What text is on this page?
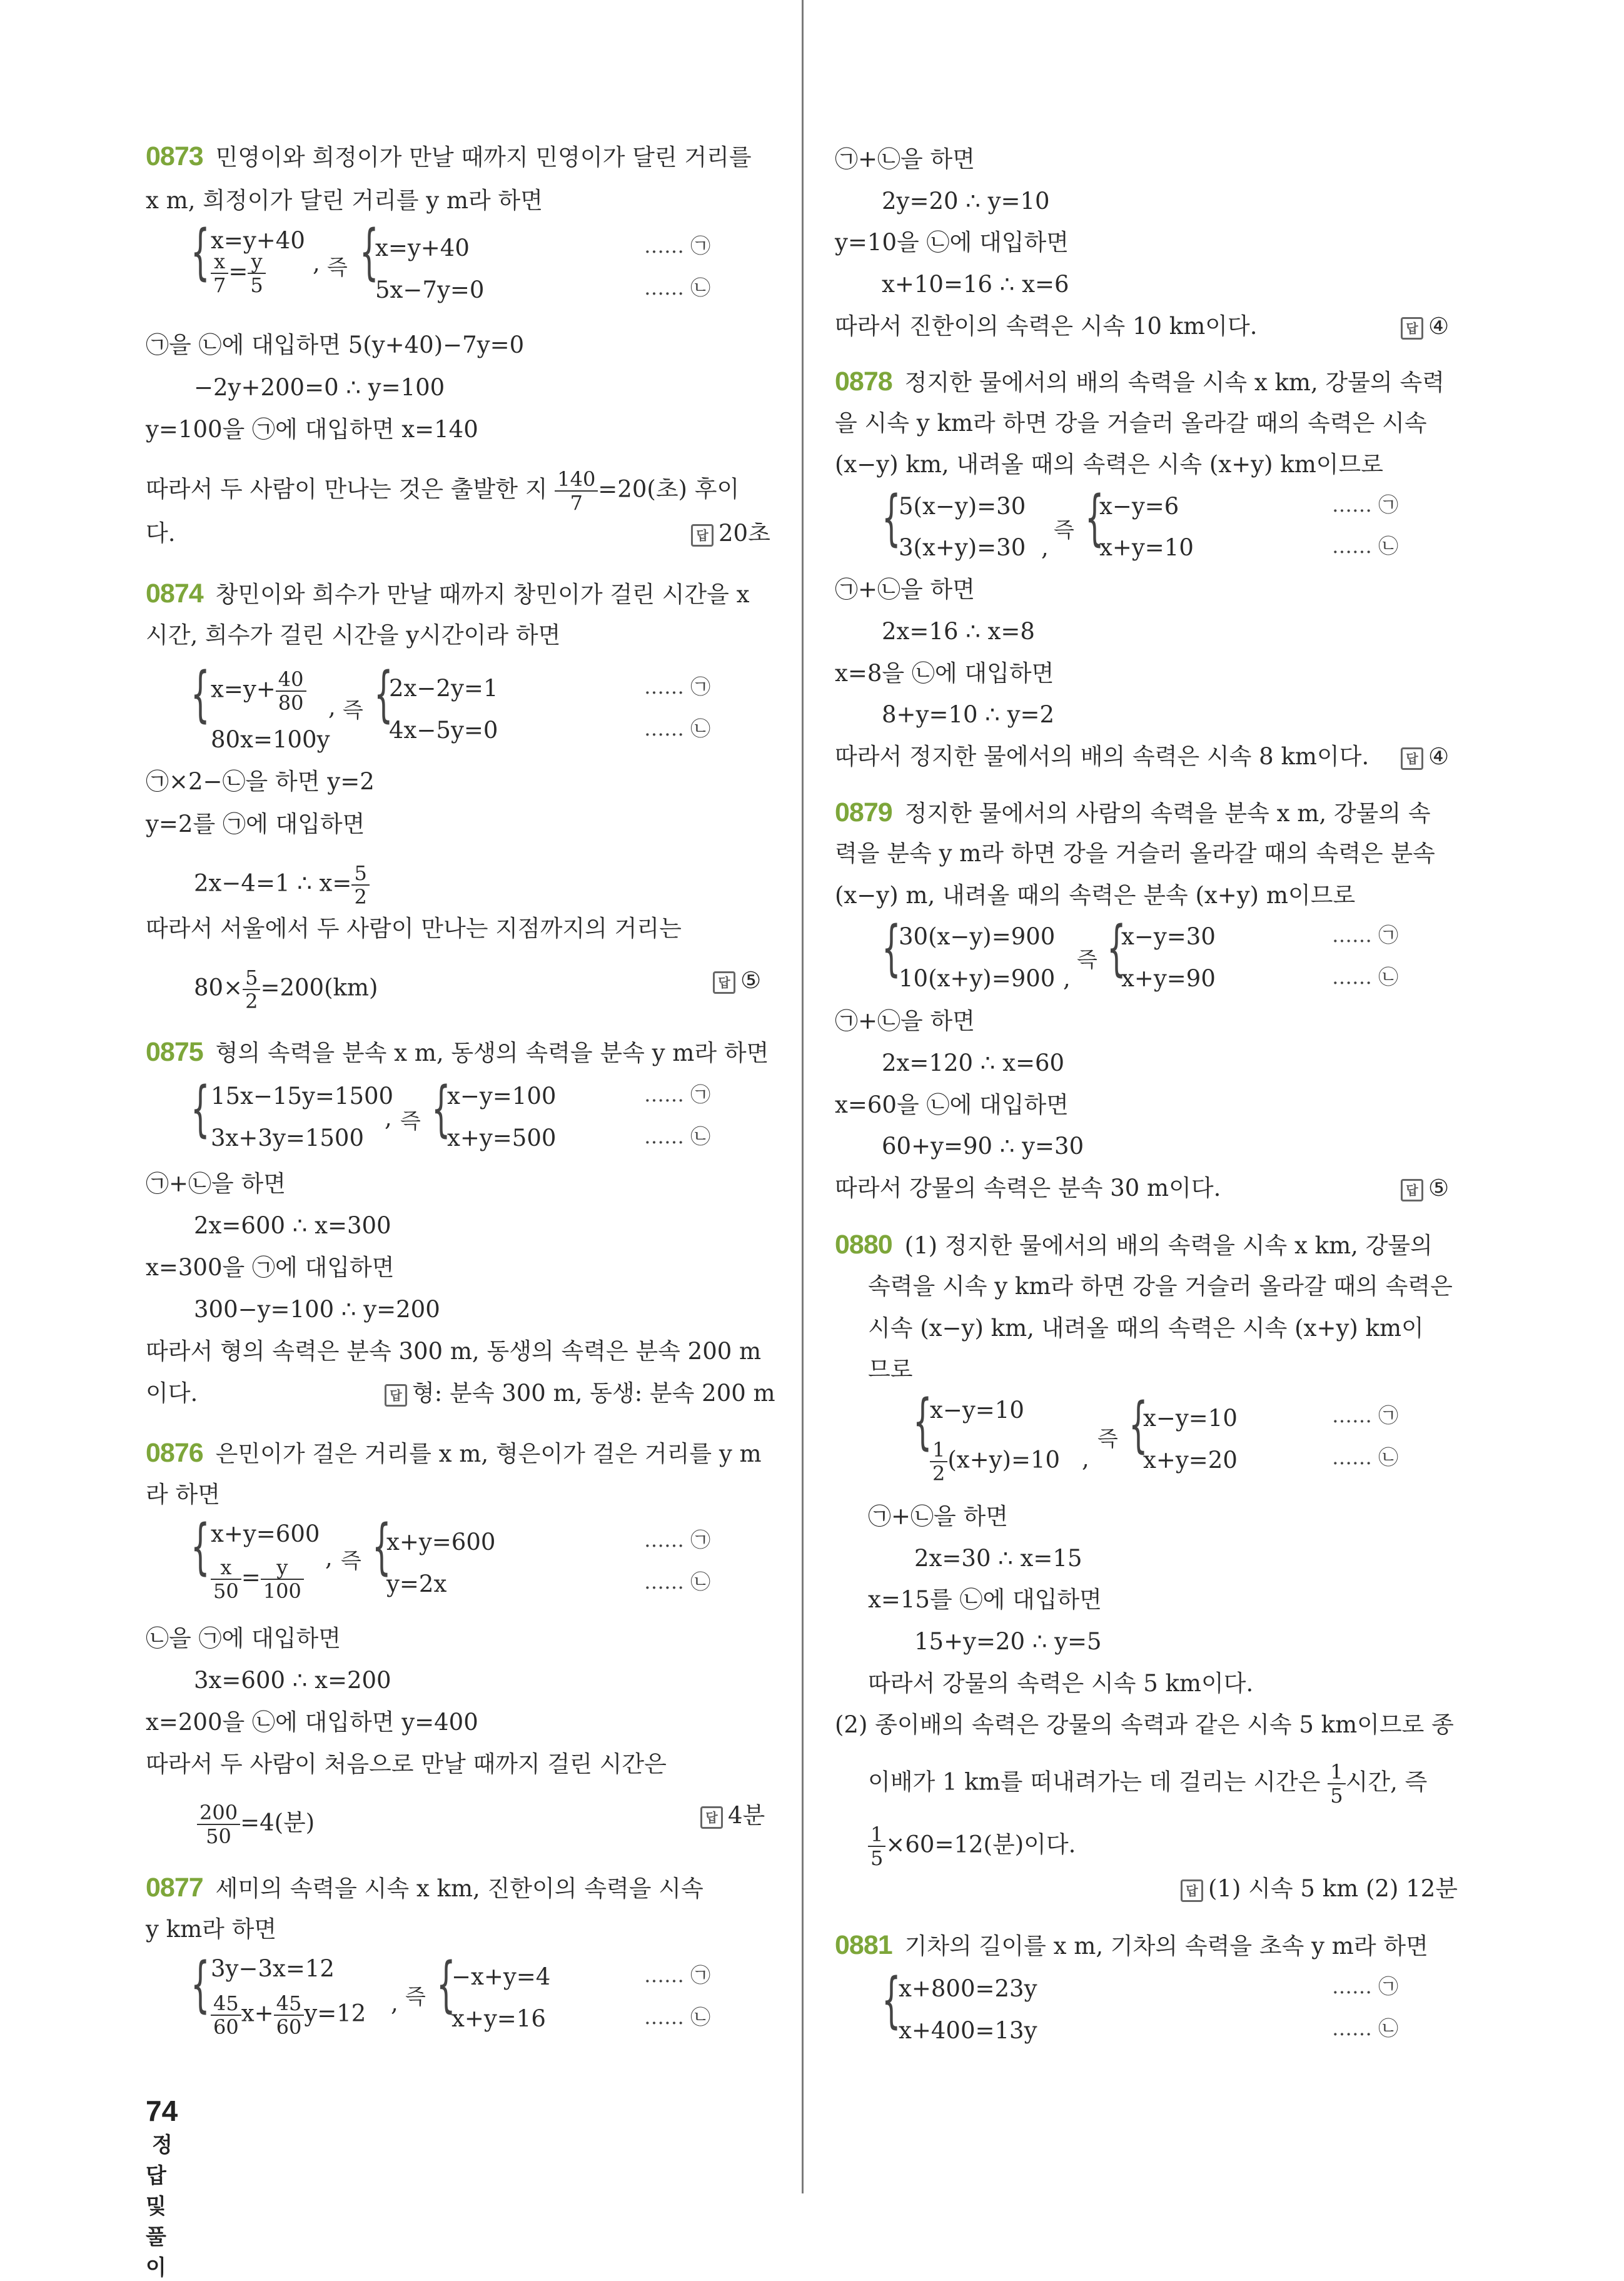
0873 민영이와 희정이가 만날 때까지 민영이가 달린 거리를
x m, 희정이가 달린 거리를 y m라 하면
{ x=y+40
$\frac{x}{7} = \frac{y}{5}$ , 즉 {
x=y+40
5x−7y=0
…… ㉠
…… ㉡
㉠을 ㉡에 대입하면 5(y+40)−7y=0
−2y+200=0 ∴ y=100
y=100을 ㉠에 대입하면 x=140
따라서 두 사람이 만나는 것은 출발한 지 $\frac{140}{7} =20$(초) 후이
다.	답 20초
0874 창민이와 희수가 만날 때까지 창민이가 걸린 시간을 x
시간, 희수가 걸린 시간을 y시간이라 하면
{ $x=y+ \frac{40}{80}$
80x=100y
, 즉 {
2x−2y=1
4x−5y=0
…… ㉠
…… ㉡
㉠×2−㉡을 하면 y=2
y=2를 ㉠에 대입하면
2x−4=1 ∴ $x= \frac{5}{2}$
따라서 서울에서 두 사람이 만나는 지점까지의 거리는
$80\times \frac{5}{2} =200(km)$	답 ⑤
0875 형의 속력을 분속 x m, 동생의 속력을 분속 y m라 하면
{ 15x−15y=1500
3x+3y=1500
, 즉 {
x−y=100
x+y=500
…… ㉠
…… ㉡
㉠+㉡을 하면
2x=600 ∴ x=300
x=300을 ㉠에 대입하면
300−y=100 ∴ y=200
따라서 형의 속력은 분속 300 m, 동생의 속력은 분속 200 m
이다.	답 형: 분속 300 m, 동생: 분속 200 m
0876 은민이가 걸은 거리를 x m, 형은이가 걸은 거리를 y m
라 하면
{ x+y=600
$\frac{x}{50} = \frac{y}{100}$ , 즉 {
x+y=600
y=2x
…… ㉠
…… ㉡
㉡을 ㉠에 대입하면
3x=600 ∴ x=200
x=200을 ㉡에 대입하면 y=400
따라서 두 사람이 처음으로 만날 때까지 걸린 시간은
$\frac{200}{50} =4$(분)	답 4분
0877 세미의 속력을 시속 x km, 진한이의 속력을 시속
y km라 하면
{ 3y−3x=12
$\frac{45}{60} x+ \frac{45}{60} y=12$ , 즉 {
−x+y=4
x+y=16
…… ㉠
…… ㉡
74정답 및 풀이
㉠+㉡을 하면
2y=20 ∴ y=10
y=10을 ㉡에 대입하면
x+10=16 ∴ x=6
따라서 진한이의 속력은 시속 10 km이다.	답 ④
0878 정지한 물에서의 배의 속력을 시속 x km, 강물의 속력
을 시속 y km라 하면 강을 거슬러 올라갈 때의 속력은 시속
(x−y) km, 내려올 때의 속력은 시속 (x+y) km이므로
{
5(x−y)=30
3(x+y)=30 ,
즉 {
x−y=6
x+y=10
…… ㉠
…… ㉡
㉠+㉡을 하면
2x=16 ∴ x=8
x=8을 ㉡에 대입하면
8+y=10 ∴ y=2
따라서 정지한 물에서의 배의 속력은 시속 8 km이다.	답 ④
0879 정지한 물에서의 사람의 속력을 분속 x m, 강물의 속
력을 분속 y m라 하면 강을 거슬러 올라갈 때의 속력은 분속
(x−y) m, 내려올 때의 속력은 분속 (x+y) m이므로
{
30(x−y)=900
10(x+y)=900 ,
즉 {
x−y=30
x+y=90
…… ㉠
…… ㉡
㉠+㉡을 하면
2x=120 ∴ x=60
x=60을 ㉡에 대입하면
60+y=90 ∴ y=30
따라서 강물의 속력은 분속 30 m이다.	답 ⑤
0880 (1) 정지한 물에서의 배의 속력을 시속 x km, 강물의
속력을 시속 y km라 하면 강을 거슬러 올라갈 때의 속력은
시속 (x−y) km, 내려올 때의 속력은 시속 (x+y) km이
므로
{
x−y=10
$\frac{1}{2} (x+y)=10$ ,
즉 {
x−y=10
x+y=20
…… ㉠
…… ㉡
㉠+㉡을 하면
2x=30 ∴ x=15
x=15를 ㉡에 대입하면
15+y=20 ∴ y=5
따라서 강물의 속력은 시속 5 km이다.
(2) 종이배의 속력은 강물의 속력과 같은 시속 5 km이므로 종
이배가 1 km를 떠내려가는 데 걸리는 시간은 $\frac{1}{5}$ 시간, 즉
$\frac{1}{5} \times 60=12$(분)이다.
답 (1) 시속 5 km (2) 12분
0881 기차의 길이를 x m, 기차의 속력을 초속 y m라 하면
{
x+800=23y
x+400=13y
…… ㉠
…… ㉡
